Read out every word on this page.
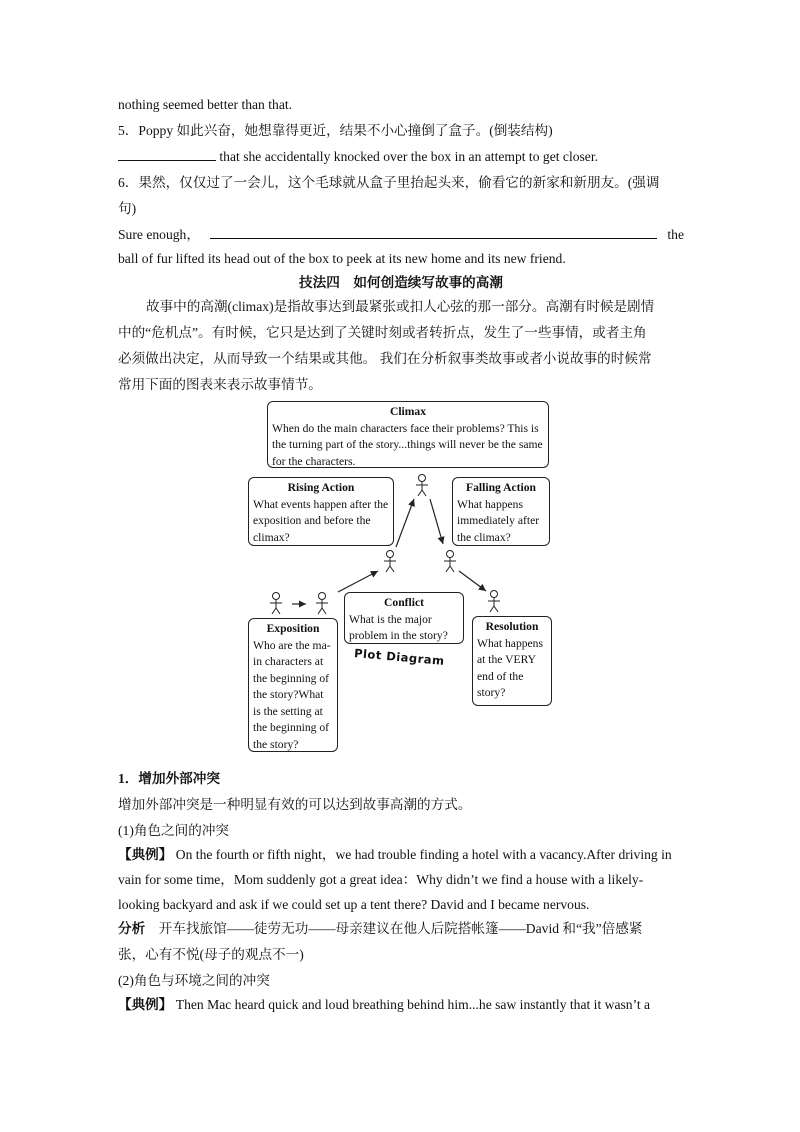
nothing seemed better than that.
5．Poppy 如此兴奋，她想靠得更近，结果不小心撞倒了盒子。(倒装结构)
that she accidentally knocked over the box in an attempt to get closer.
6．果然，仅仅过了一会儿，这个毛球就从盒子里抬起头来，偷看它的新家和新朋友。(强调
句)
Sure enough，	the
ball of fur lifted its head out of the box to peek at its new home and its new friend.
技法四　如何创造续写故事的高潮
故事中的高潮(climax)是指故事达到最紧张或扣人心弦的那一部分。高潮有时候是剧情
中的“危机点”。有时候，它只是达到了关键时刻或者转折点，发生了一些事情，或者主角
必须做出决定，从而导致一个结果或其他。 我们在分析叙事类故事或者小说故事的时候常
常用下面的图表来表示故事情节。
Climax
When do the main characters face their problems? This is the turning part of the story...things will never be the same for the characters.
Rising Action
What events happen after the exposition and before the climax?
Falling Action
What happens immediately after the climax?
Conflict
What is the major problem in the story?
Exposition
Who are the ma-in characters at the beginning of the story?What is the setting at the beginning of the story?
Resolution
What happens at the VERY end of the story?
Plot Diagram
1．增加外部冲突
增加外部冲突是一种明显有效的可以达到故事高潮的方式。
(1)角色之间的冲突
【典例】 On the fourth or fifth night，we had trouble finding a hotel with a vacancy.After driving in
vain for some time，Mom suddenly got a great idea：Why didn’t we find a house with a likely-
looking backyard and ask if we could set up a tent there? David and I became nervous.
分析　开车找旅馆——徒劳无功——母亲建议在他人后院搭帐篷——David 和“我”倍感紧
张，心有不悦(母子的观点不一)
(2)角色与环境之间的冲突
【典例】 Then Mac heard quick and loud breathing behind him...he saw instantly that it wasn’t a
